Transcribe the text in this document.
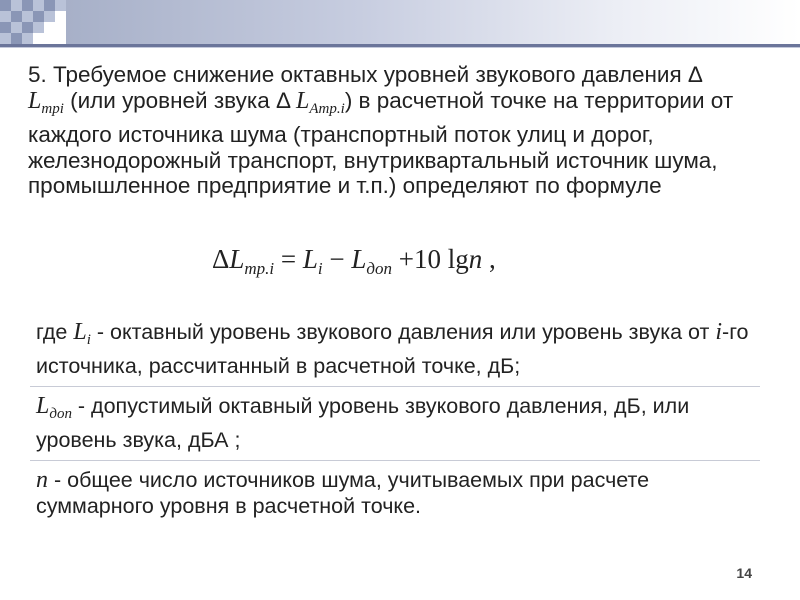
5. Требуемое снижение октавных уровней звукового давления Δ
$L_{трi}$ (или уровней звука Δ $L_{Атр.i}$) в расчетной точке на территории от каждого источника шума (транспортный поток улиц и дорог, железнодорожный транспорт, внутриквартальный источник шума, промышленное предприятие и т.п.) определяют по формуле
$\Delta L_{тр.i} = L_i - L_{доп} +10$ lgn ,
где $L_i$ - октавный уровень звукового давления или уровень звука от i-го источника, рассчитанный в расчетной точке, дБ;
$L_{доп}$ - допустимый октавный уровень звукового давления, дБ, или уровень звука, дБА ;
n - общее число источников шума, учитываемых при расчете суммарного уровня в расчетной точке.
14
